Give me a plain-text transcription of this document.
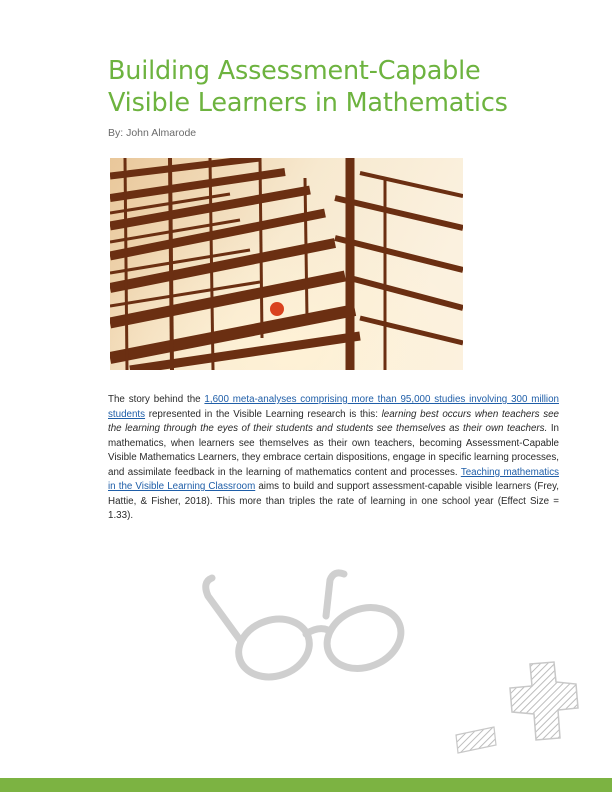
Building Assessment-Capable
Visible Learners in Mathematics
By: John Almarode

The story behind the 1,600 meta-analyses comprising more than 95,000 studies involving 300 million students represented in the Visible Learning research is this: learning best occurs when teachers see the learning through the eyes of their students and students see themselves as their own teachers. In mathematics, when learners see themselves as their own teachers, becoming Assessment-Capable Visible Mathematics Learners, they embrace certain dispositions, engage in specific learning processes, and assimilate feedback in the learning of mathematics content and processes. Teaching mathematics in the Visible Learning Classroom aims to build and support assessment-capable visible learners (Frey, Hattie, & Fisher, 2018). This more than triples the rate of learning in one school year (Effect Size = 1.33).
